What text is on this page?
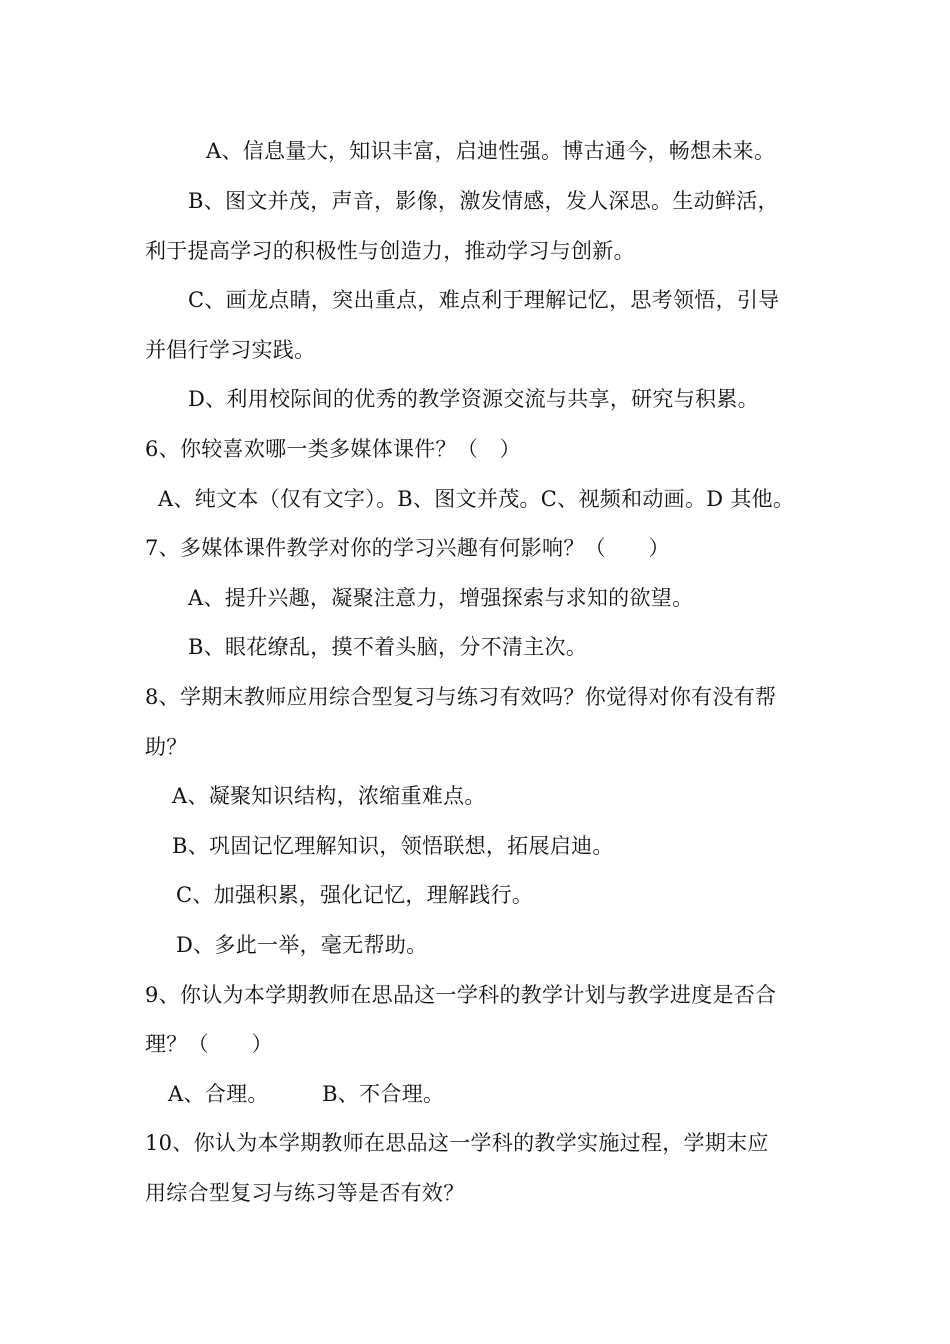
A、信息量大，知识丰富，启迪性强。博古通今，畅想未来。
B、图文并茂，声音，影像，激发情感，发人深思。生动鲜活，
利于提高学习的积极性与创造力，推动学习与创新。
C、画龙点睛，突出重点，难点利于理解记忆，思考领悟，引导
并倡行学习实践。
D、利用校际间的优秀的教学资源交流与共享，研究与积累。
6、你较喜欢哪一类多媒体课件？（　）
A、纯文本（仅有文字）。B、图文并茂。C、视频和动画。D 其他。
7、多媒体课件教学对你的学习兴趣有何影响？（　　）
A、提升兴趣，凝聚注意力，增强探索与求知的欲望。
B、眼花缭乱，摸不着头脑，分不清主次。
8、学期末教师应用综合型复习与练习有效吗？你觉得对你有没有帮
助？
A、凝聚知识结构，浓缩重难点。
B、巩固记忆理解知识，领悟联想，拓展启迪。
C、加强积累，强化记忆，理解践行。
D、多此一举，毫无帮助。
9、你认为本学期教师在思品这一学科的教学计划与教学进度是否合
理？（　　）
A、合理。　　　B、不合理。
10、你认为本学期教师在思品这一学科的教学实施过程，学期末应
用综合型复习与练习等是否有效？
